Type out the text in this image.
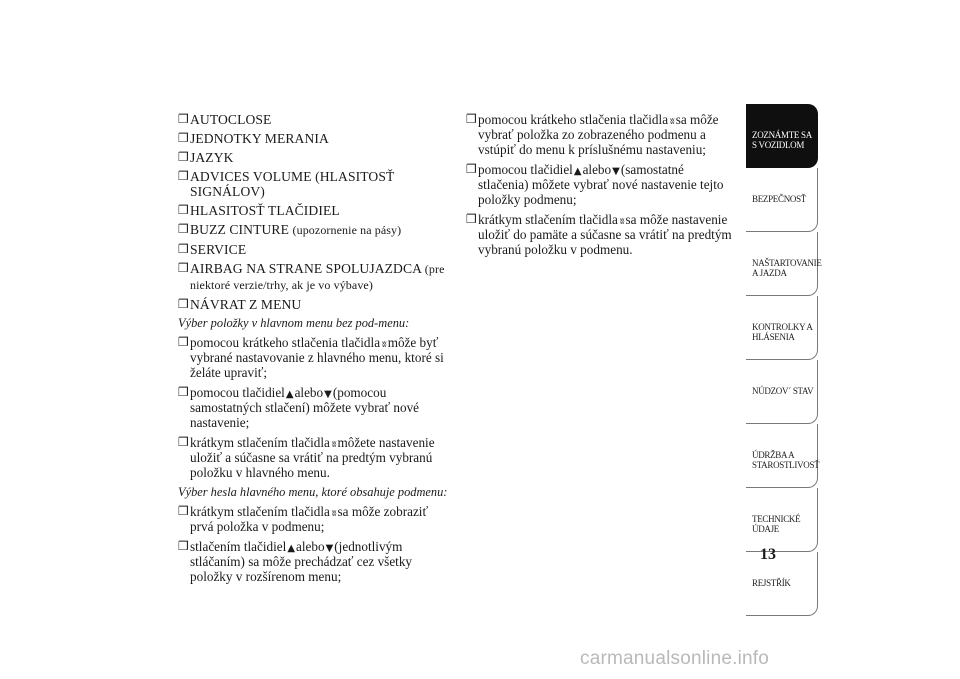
❒ AUTOCLOSE

❒ JEDNOTKY MERANIA

❒ JAZYK

❒ ADVICES VOLUME (HLASITOSŤ SIGNÁLOV)

❒ HLASITOSŤ TLAČIDIEL

❒ BUZZ CINTURE (upozornenie na pásy)

❒ SERVICE

❒ AIRBAG NA STRANE SPOLUJAZDCA (pre niektoré verzie/trhy, ak je vo výbave)

❒ NÁVRAT Z MENU

Výber položky v hlavnom menu bez pod-menu:

❒ pomocou krátkeho stlačenia tlačidla ʬ môže byť vybrané nastavovanie z hlavného menu, ktoré si želáte upraviť;

❒ pomocou tlačidiel▲alebo▼(pomocou samostatných stlačení) môžete vybrať nové nastavenie;

❒ krátkym stlačením tlačidla ʬ môžete nastavenie uložiť a súčasne sa vrátiť na predtým vybranú položku v hlavného menu.

Výber hesla hlavného menu, ktoré obsahuje podmenu:

❒ krátkym stlačením tlačidla ʬ sa môže zobraziť prvá položka v podmenu;

❒ stlačením tlačidiel▲alebo▼(jednotlivým stláčaním) sa môže prechádzať cez všetky položky v rozšírenom menu;

❒ pomocou krátkeho stlačenia tlačidla ʬ sa môže vybrať položka zo zobrazeného podmenu a vstúpiť do menu k príslušnému nastaveniu;

❒ pomocou tlačidiel▲alebo▼(samostatné stlačenia) môžete vybrať nové nastavenie tejto položky podmenu;

❒ krátkym stlačením tlačidla ʬ sa môže nastavenie uložiť do pamäte a súčasne sa vrátiť na predtým vybranú položku v podmenu.

ZOZNÁMTE SA S VOZIDLOM
BEZPEČNOSŤ
NAŠTARTOVANIE A JAZDA
KONTROLKY A HLÁSENIA
NÚDZOV´ STAV
ÚDRŽBA A STAROSTLIVOSŤ
TECHNICKÉ ÚDAJE
REJSTŘÍK
13
carmanualsonline.info
